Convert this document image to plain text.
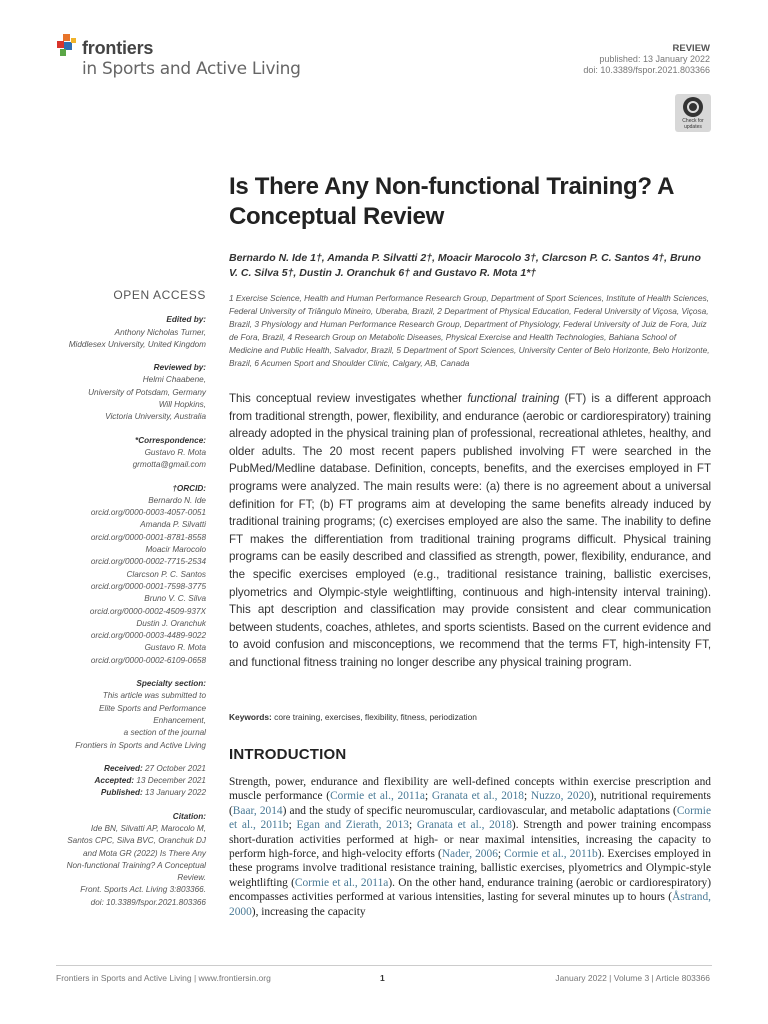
frontiers
in Sports and Active Living
REVIEW
published: 13 January 2022
doi: 10.3389/fspor.2021.803366
Check for updates
Is There Any Non-functional Training? A Conceptual Review
Bernardo N. Ide 1†, Amanda P. Silvatti 2†, Moacir Marocolo 3†, Clarcson P. C. Santos 4†, Bruno V. C. Silva 5†, Dustin J. Oranchuk 6† and Gustavo R. Mota 1*†
1 Exercise Science, Health and Human Performance Research Group, Department of Sport Sciences, Institute of Health Sciences, Federal University of Triângulo Mineiro, Uberaba, Brazil, 2 Department of Physical Education, Federal University of Viçosa, Viçosa, Brazil, 3 Physiology and Human Performance Research Group, Department of Physiology, Federal University of Juiz de Fora, Juiz de Fora, Brazil, 4 Research Group on Metabolic Diseases, Physical Exercise and Health Technologies, Bahiana School of Medicine and Public Health, Salvador, Brazil, 5 Department of Sport Sciences, University Center of Belo Horizonte, Belo Horizonte, Brazil, 6 Acumen Sport and Shoulder Clinic, Calgary, AB, Canada

This conceptual review investigates whether functional training (FT) is a different approach from traditional strength, power, flexibility, and endurance (aerobic or cardiorespiratory) training already adopted in the physical training plan of professional, recreational athletes, healthy, and older adults. The 20 most recent papers published involving FT were searched in the PubMed/Medline database. Definition, concepts, benefits, and the exercises employed in FT programs were analyzed. The main results were: (a) there is no agreement about a universal definition for FT; (b) FT programs aim at developing the same benefits already induced by traditional training programs; (c) exercises employed are also the same. The inability to define FT makes the differentiation from traditional training programs difficult. Physical training programs can be easily described and classified as strength, power, flexibility, endurance, and the specific exercises employed (e.g., traditional resistance training, ballistic exercises, plyometrics and Olympic-style weightlifting, continuous and high-intensity interval training). This apt description and classification may provide consistent and clear communication between students, coaches, athletes, and sports scientists. Based on the current evidence and to avoid confusion and misconceptions, we recommend that the terms FT, high-intensity FT, and functional fitness training no longer describe any physical training program.

Keywords: core training, exercises, flexibility, fitness, periodization
INTRODUCTION

Strength, power, endurance and flexibility are well-defined concepts within exercise prescription and muscle performance (Cormie et al., 2011a; Granata et al., 2018; Nuzzo, 2020), nutritional requirements (Baar, 2014) and the study of specific neuromuscular, cardiovascular, and metabolic adaptations (Cormie et al., 2011b; Egan and Zierath, 2013; Granata et al., 2018). Strength and power training encompass short-duration activities performed at high- or near maximal intensities, increasing the capacity to perform high-force, and high-velocity efforts (Nader, 2006; Cormie et al., 2011b). Exercises employed in these programs involve traditional resistance training, ballistic exercises, plyometrics and Olympic-style weightlifting (Cormie et al., 2011a). On the other hand, endurance training (aerobic or cardiorespiratory) encompasses activities performed at various intensities, lasting for several minutes up to hours (Åstrand, 2000), increasing the capacity

OPEN ACCESS
Edited by:
Anthony Nicholas Turner,
Middlesex University, United Kingdom
Reviewed by:
Helmi Chaabene,
University of Potsdam, Germany
Will Hopkins,
Victoria University, Australia
*Correspondence:
Gustavo R. Mota
grmotta@gmail.com
†ORCID:
Bernardo N. Ide
orcid.org/0000-0003-4057-0051
Amanda P. Silvatti
orcid.org/0000-0001-8781-8558
Moacir Marocolo
orcid.org/0000-0002-7715-2534
Clarcson P. C. Santos
orcid.org/0000-0001-7598-3775
Bruno V. C. Silva
orcid.org/0000-0002-4509-937X
Dustin J. Oranchuk
orcid.org/0000-0003-4489-9022
Gustavo R. Mota
orcid.org/0000-0002-6109-0658
Specialty section:
This article was submitted to
Elite Sports and Performance
Enhancement,
a section of the journal
Frontiers in Sports and Active Living
Received: 27 October 2021
Accepted: 13 December 2021
Published: 13 January 2022
Citation:
Ide BN, Silvatti AP, Marocolo M,
Santos CPC, Silva BVC, Oranchuk DJ
and Mota GR (2022) Is There Any
Non-functional Training? A Conceptual
Review.
Front. Sports Act. Living 3:803366.
doi: 10.3389/fspor.2021.803366
Frontiers in Sports and Active Living | www.frontiersin.org	1	January 2022 | Volume 3 | Article 803366
